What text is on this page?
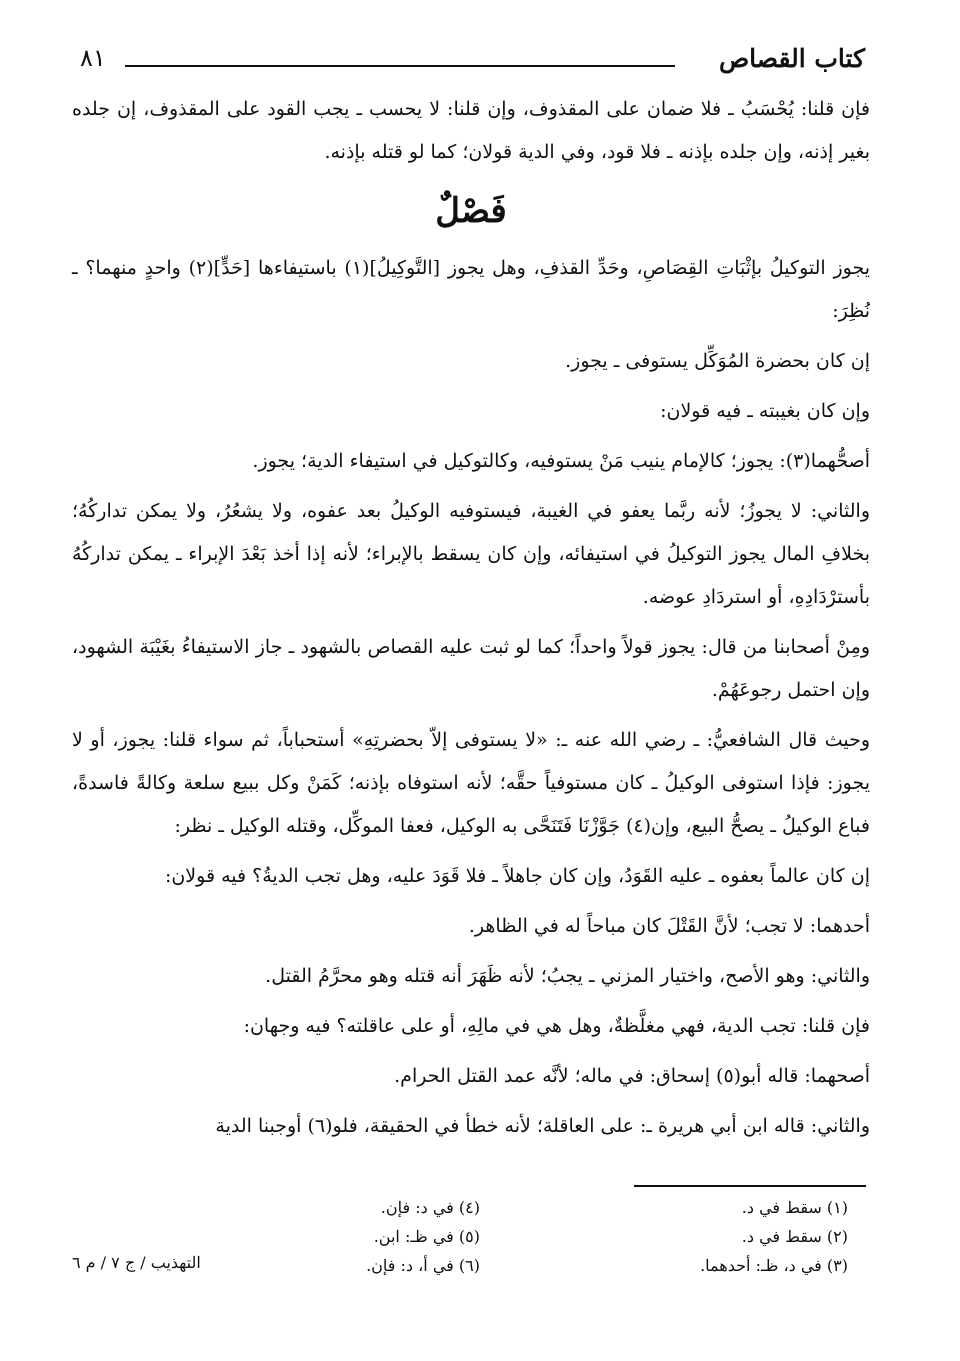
كتاب القصاص
٨١

فإن قلنا: يُحْسَبُ ـ فلا ضمان على المقذوف، وإن قلنا: لا يحسب ـ يجب القود على المقذوف، إن جلده بغير إذنه، وإن جلده بإذنه ـ فلا قود، وفي الدية قولان؛ كما لو قتله بإذنه.

فَصْلٌ

يجوز التوكيلُ بإثْبَاتِ القِصَاصِ، وحَدِّ القذفِ، وهل يجوز [التَّوكِيلُ](١) باستيفاءها [حَدٍّ](٢) واحدٍ منهما؟ ـ نُظِرَ:

إن كان بحضرة المُوَكِّل يستوفى ـ يجوز.

وإن كان بغيبته ـ فيه قولان:

أصحُّهما(٣): يجوز؛ كالإمام ينيب مَنْ يستوفيه، وكالتوكيل في استيفاء الدية؛ يجوز.

والثاني: لا يجوزُ؛ لأنه ربَّما يعفو في الغيبة، فيستوفيه الوكيلُ بعد عفوه، ولا يشعُرُ، ولا يمكن تداركُهُ؛ بخلافِ المال يجوز التوكيلُ في استيفائه، وإن كان يسقط بالإبراء؛ لأنه إذا أخذ بَعْدَ الإبراء ـ يمكن تداركُهُ بأسترْدَادِهِ، أو استردَادِ عوضه.

ومِنْ أصحابنا من قال: يجوز قولاً واحداً؛ كما لو ثبت عليه القصاص بالشهود ـ جاز الاستيفاءُ بغَيْبَة الشهود، وإن احتمل رجوعَهُمْ.

وحيث قال الشافعيُّ: ـ رضي الله عنه ـ: «لا يستوفى إلاّ بحضرتِهِ» أستحباباً، ثم سواء قلنا: يجوز، أو لا يجوز: فإذا استوفى الوكيلُ ـ كان مستوفياً حقَّه؛ لأنه استوفاه بإذنه؛ كَمَنْ وكل ببيع سلعة وكالةً فاسدةً، فباع الوكيلُ ـ يصحُّ البيع، وإن(٤) جَوَّزْنَا فَتَنَحَّى به الوكيل، فعفا الموكِّل، وقتله الوكيل ـ نظر:

إن كان عالماً بعفوه ـ عليه القَوَدُ، وإن كان جاهلاً ـ فلا قَوَدَ عليه، وهل تجب الديةُ؟ فيه قولان:

أحدهما: لا تجب؛ لأنَّ القَتْلَ كان مباحاً له في الظاهر.

والثاني: وهو الأصح، واختيار المزني ـ يجبُ؛ لأنه ظَهَرَ أنه قتله وهو محرَّمُ القتل.

فإن قلنا: تجب الدية، فهي مغلَّظةٌ، وهل هي في مالِهِ، أو على عاقلته؟ فيه وجهان:

أصحهما: قاله أبو(٥) إسحاق: في ماله؛ لأنَّه عمد القتل الحرام.

والثاني: قاله ابن أبي هريرة ـ: على العاقلة؛ لأنه خطأ في الحقيقة، فلو(٦) أوجبنا الدية

(١) سقط في د.
(٢) سقط في د.
(٣) في د، ظـ: أحدهما.
(٤) في د: فإن.
(٥) في ظـ: ابن.
(٦) في أ، د: فإن.
التهذيب / ج ٧ / م ٦
